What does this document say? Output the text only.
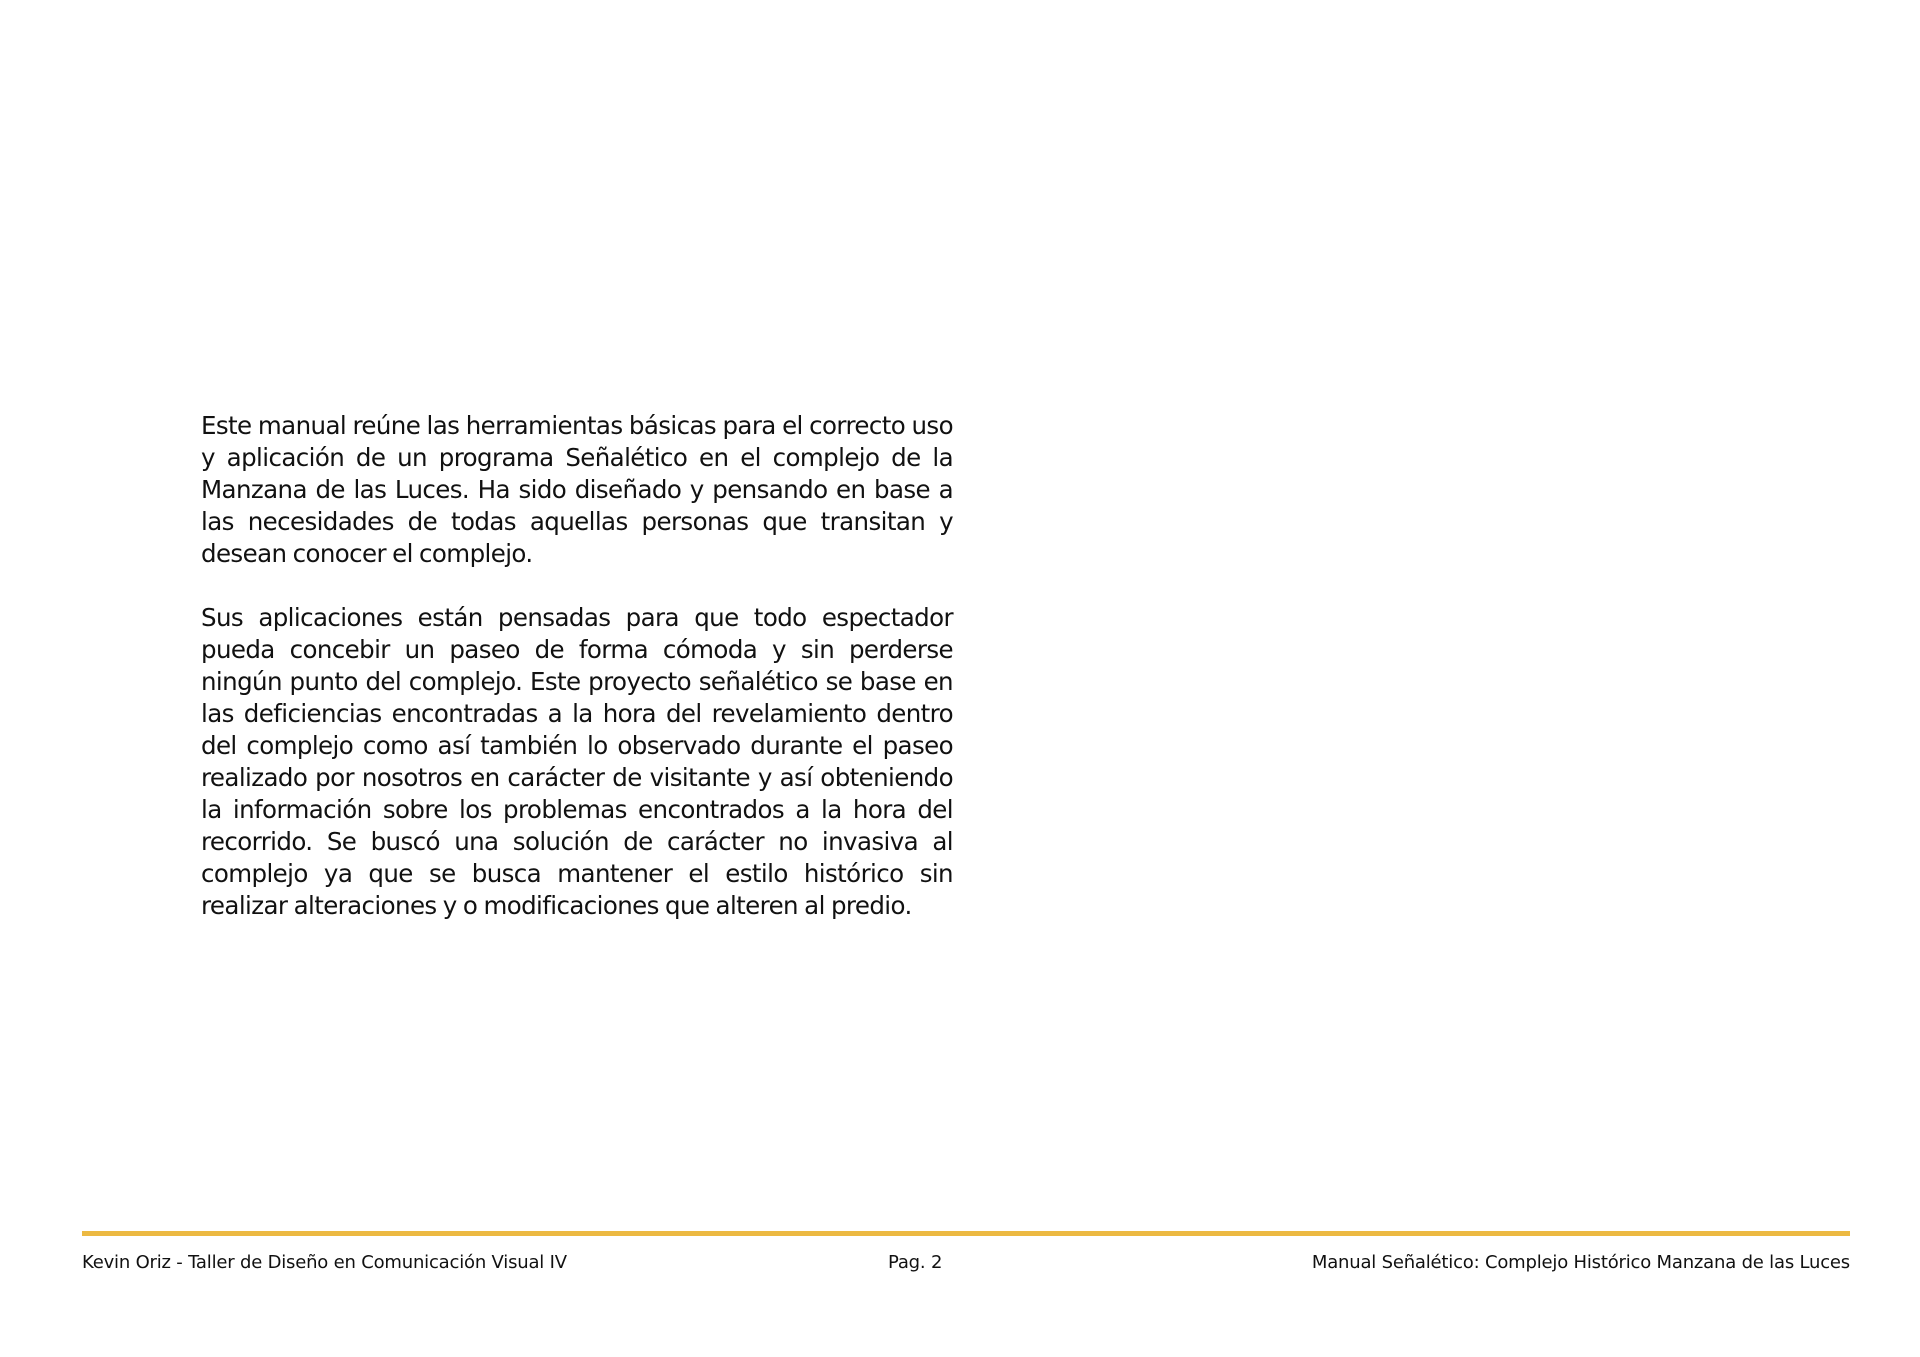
Este manual reúne las herramientas básicas para el correcto uso y aplicación de un programa Señalético en el complejo de la Manzana de las Luces. Ha sido diseñado y pensando en base a las necesidades de todas aquellas personas que transitan y desean conocer el complejo.

Sus aplicaciones están pensadas para que todo espectador pueda concebir un paseo de forma cómoda y sin perderse ningún punto del complejo. Este proyecto señalético se base en las deficiencias encontradas a la hora del revelamiento dentro del complejo como así también lo observado durante el paseo realizado por nosotros en carácter de visitante y así obteniendo la información sobre los problemas encontrados a la hora del recorrido. Se buscó una solución de carácter no invasiva al complejo ya que se busca mantener el estilo histórico sin realizar alteraciones y o modificaciones que alteren al predio.

Kevin Oriz - Taller de Diseño en Comunicación Visual IV	Pag. 2	Manual Señalético: Complejo Histórico Manzana de las Luces
